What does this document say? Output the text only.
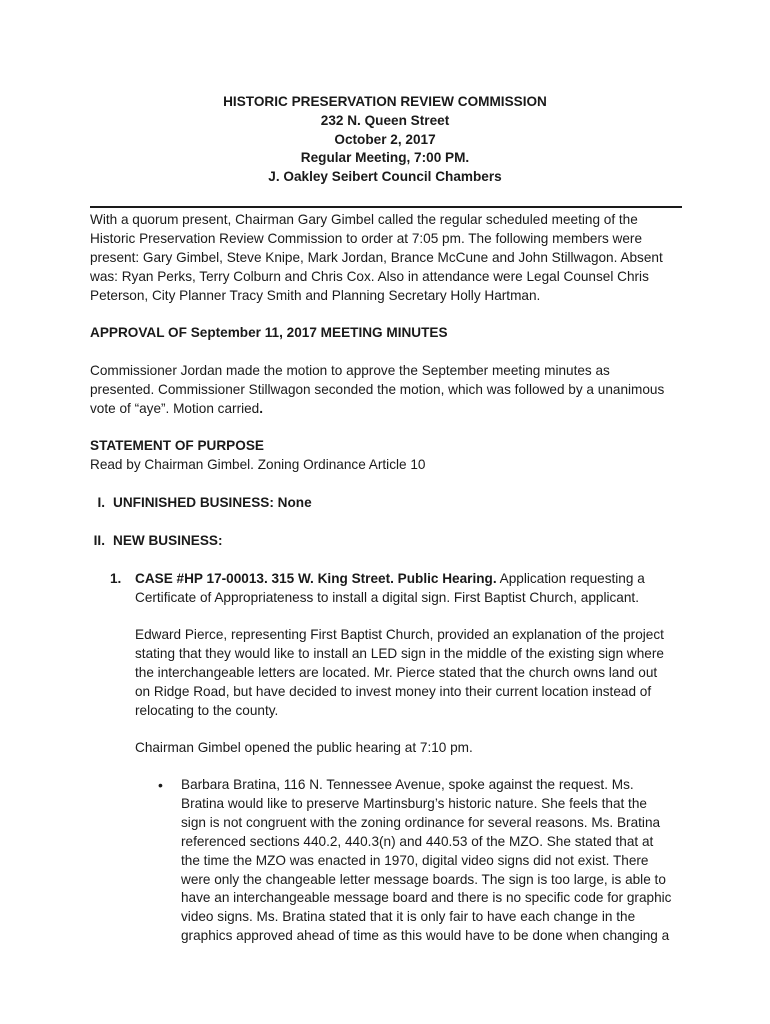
HISTORIC PRESERVATION REVIEW COMMISSION
232 N. Queen Street
October 2, 2017
Regular Meeting, 7:00 PM.
J. Oakley Seibert Council Chambers

With a quorum present, Chairman Gary Gimbel called the regular scheduled meeting of the

Historic Preservation Review Commission to order at 7:05 pm. The following members were

present: Gary Gimbel, Steve Knipe, Mark Jordan, Brance McCune and John Stillwagon. Absent

was: Ryan Perks, Terry Colburn and Chris Cox. Also in attendance were Legal Counsel Chris

Peterson, City Planner Tracy Smith and Planning Secretary Holly Hartman.

APPROVAL OF September 11, 2017 MEETING MINUTES

Commissioner Jordan made the motion to approve the September meeting minutes as

presented. Commissioner Stillwagon seconded the motion, which was followed by a unanimous

vote of “aye”. Motion carried.

STATEMENT OF PURPOSE
Read by Chairman Gimbel. Zoning Ordinance Article 10
I. UNFINISHED BUSINESS: None
II. NEW BUSINESS:
1. CASE #HP 17-00013. 315 W. King Street. Public Hearing. Application requesting a

Certificate of Appropriateness to install a digital sign. First Baptist Church, applicant.

Edward Pierce, representing First Baptist Church, provided an explanation of the project

stating that they would like to install an LED sign in the middle of the existing sign where

the interchangeable letters are located. Mr. Pierce stated that the church owns land out

on Ridge Road, but have decided to invest money into their current location instead of

relocating to the county.

Chairman Gimbel opened the public hearing at 7:10 pm.
• Barbara Bratina, 116 N. Tennessee Avenue, spoke against the request. Ms.

Bratina would like to preserve Martinsburg’s historic nature. She feels that the

sign is not congruent with the zoning ordinance for several reasons. Ms. Bratina

referenced sections 440.2, 440.3(n) and 440.53 of the MZO. She stated that at

the time the MZO was enacted in 1970, digital video signs did not exist. There

were only the changeable letter message boards. The sign is too large, is able to

have an interchangeable message board and there is no specific code for graphic

video signs. Ms. Bratina stated that it is only fair to have each change in the

graphics approved ahead of time as this would have to be done when changing a
